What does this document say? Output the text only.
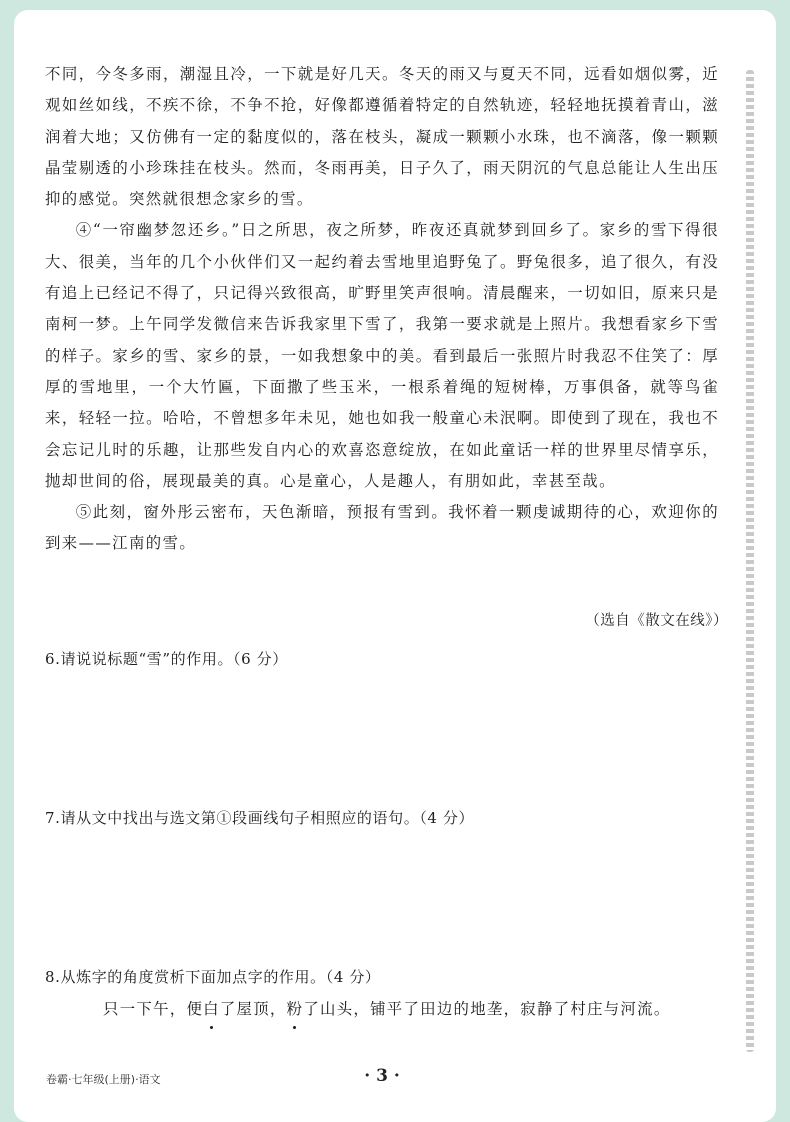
不同，今冬多雨，潮湿且冷，一下就是好几天。冬天的雨又与夏天不同，远看如烟似雾，近观如丝如线，不疾不徐，不争不抢，好像都遵循着特定的自然轨迹，轻轻地抚摸着青山，滋润着大地；又仿佛有一定的黏度似的，落在枝头，凝成一颗颗小水珠，也不滴落，像一颗颗晶莹剔透的小珍珠挂在枝头。然而，冬雨再美，日子久了，雨天阴沉的气息总能让人生出压抑的感觉。突然就很想念家乡的雪。

④“一帘幽梦忽还乡。”日之所思，夜之所梦，昨夜还真就梦到回乡了。家乡的雪下得很大、很美，当年的几个小伙伴们又一起约着去雪地里追野兔了。野兔很多，追了很久，有没有追上已经记不得了，只记得兴致很高，旷野里笑声很响。清晨醒来，一切如旧，原来只是南柯一梦。上午同学发微信来告诉我家里下雪了，我第一要求就是上照片。我想看家乡下雪的样子。家乡的雪、家乡的景，一如我想象中的美。看到最后一张照片时我忍不住笑了：厚厚的雪地里，一个大竹匾，下面撒了些玉米，一根系着绳的短树棒，万事俱备，就等鸟雀来，轻轻一拉。哈哈，不曾想多年未见，她也如我一般童心未泯啊。即使到了现在，我也不会忘记儿时的乐趣，让那些发自内心的欢喜恣意绽放，在如此童话一样的世界里尽情享乐，抛却世间的俗，展现最美的真。心是童心，人是趣人，有朋如此，幸甚至哉。

⑤此刻，窗外彤云密布，天色渐暗，预报有雪到。我怀着一颗虔诚期待的心，欢迎你的到来——江南的雪。

（选自《散文在线》）
6.请说说标题“雪”的作用。（6 分）
7.请从文中找出与选文第①段画线句子相照应的语句。（4 分）
8.从炼字的角度赏析下面加点字的作用。（4 分）
只一下午，便白了屋顶，粉了山头，铺平了田边的地垄，寂静了村庄与河流。
卷霸·七年级(上册)·语文	· 3 ·
